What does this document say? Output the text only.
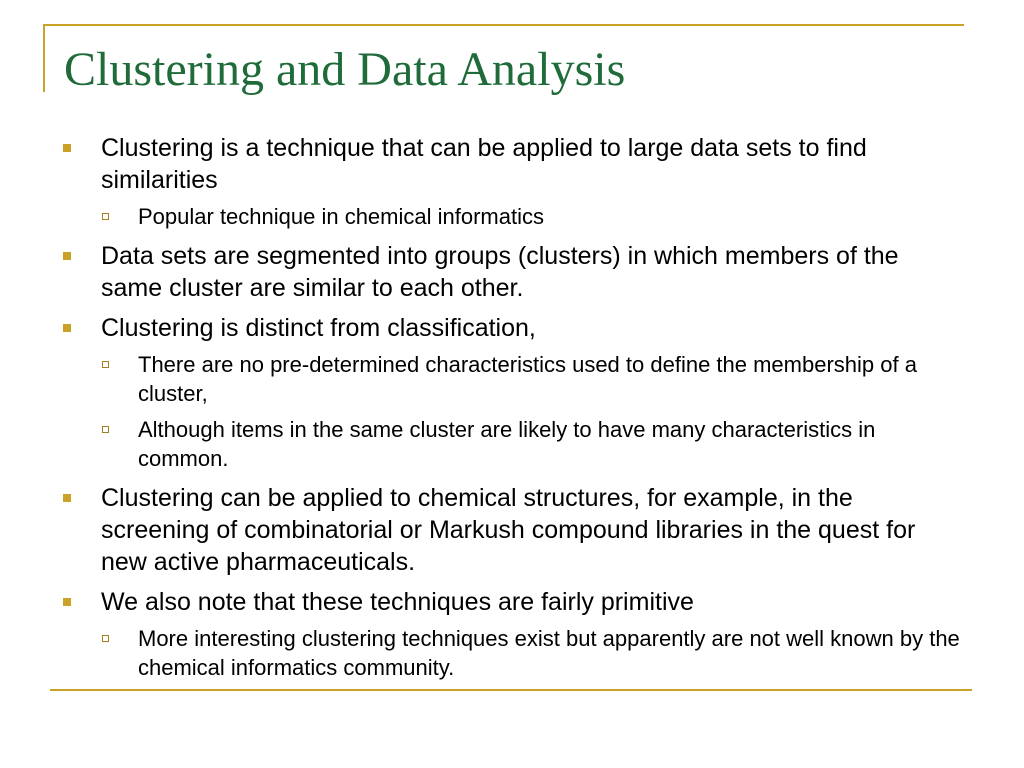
Clustering and Data Analysis
Clustering is a technique that can be applied to large data sets to find similarities
Popular technique in chemical informatics
Data sets are segmented into groups (clusters) in which members of the same cluster are similar to each other.
Clustering is distinct from classification,
There are no pre-determined characteristics used to define the membership of a cluster,
Although items in the same cluster are likely to have many characteristics in common.
Clustering can be applied to chemical structures, for example, in the screening of combinatorial or Markush compound libraries in the quest for new active pharmaceuticals.
We also note that these techniques are fairly primitive
More interesting clustering techniques exist but apparently are not well known by the chemical informatics community.
